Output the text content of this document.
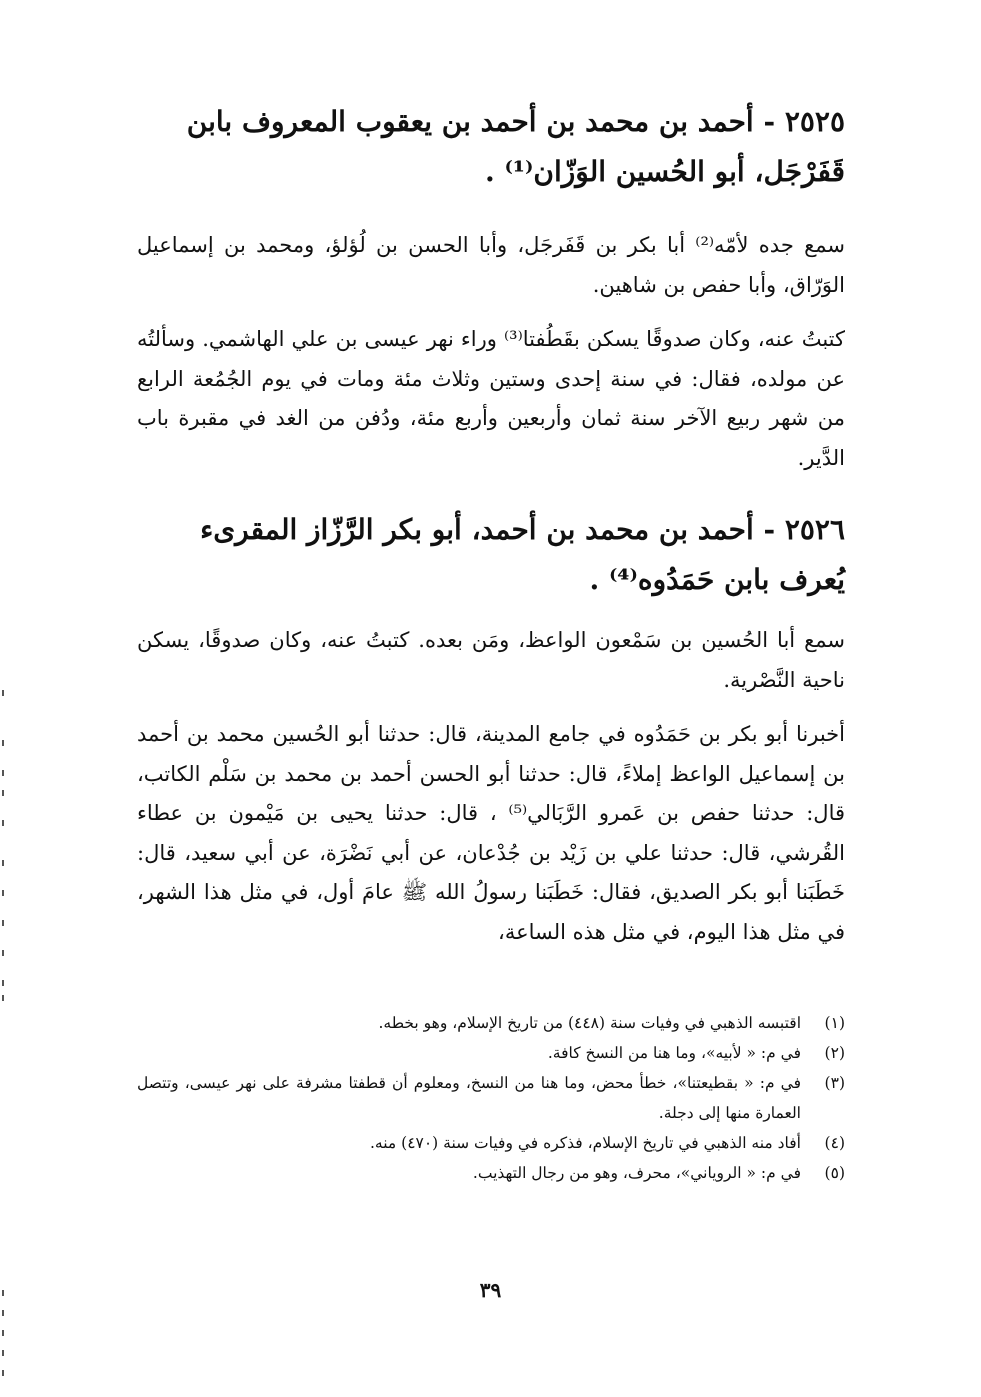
٢٥٢٥ - أحمد بن محمد بن أحمد بن يعقوب المعروف بابن
قَفَرْجَل، أبو الحُسين الوَزّان⁽¹⁾ .
سمع جده لأمّه⁽²⁾ أبا بكر بن قَفَرجَل، وأبا الحسن بن لُؤلؤ، ومحمد بن إسماعيل الوَرّاق، وأبا حفص بن شاهين.
كتبتُ عنه، وكان صدوقًا يسكن بقَطُفتا⁽³⁾ وراء نهر عيسى بن علي الهاشمي. وسألتُه عن مولده، فقال: في سنة إحدى وستين وثلاث مئة ومات في يوم الجُمُعة الرابع من شهر ربيع الآخر سنة ثمان وأربعين وأربع مئة، ودُفن من الغد في مقبرة باب الدَّير.
٢٥٢٦ - أحمد بن محمد بن أحمد، أبو بكر الرَّزّاز المقرىء
يُعرف بابن حَمَدُوه⁽⁴⁾ .
سمع أبا الحُسين بن سَمْعون الواعظ، ومَن بعده. كتبتُ عنه، وكان صدوقًا، يسكن ناحية النَّصْرية.
أخبرنا أبو بكر بن حَمَدُوه في جامع المدينة، قال: حدثنا أبو الحُسين محمد بن أحمد بن إسماعيل الواعظ إملاءً، قال: حدثنا أبو الحسن أحمد بن محمد بن سَلْم الكاتب، قال: حدثنا حفص بن عَمرو الرَّبَالي⁽⁵⁾ ، قال: حدثنا يحيى بن مَيْمون بن عطاء القُرشي، قال: حدثنا علي بن زَيْد بن جُدْعان، عن أبي نَضْرَة، عن أبي سعيد، قال: خَطَبَنا أبو بكر الصديق، فقال: خَطَبَنا رسولُ الله ﷺ عامَ أول، في مثل هذا الشهر، في مثل هذا اليوم، في مثل هذه الساعة،
(١)
اقتبسه الذهبي في وفيات سنة (٤٤٨) من تاريخ الإسلام، وهو بخطه.
(٢)
في م: « لأبيه»، وما هنا من النسخ كافة.
(٣)
في م: « بقطيعتنا»، خطأ محض، وما هنا من النسخ، ومعلوم أن قطفتا مشرفة على نهر عيسى، وتتصل العمارة منها إلى دجلة.
(٤)
أفاد منه الذهبي في تاريخ الإسلام، فذكره في وفيات سنة (٤٧٠) منه.
(٥)
في م: « الروياني»، محرف، وهو من رجال التهذيب.
٣٩
